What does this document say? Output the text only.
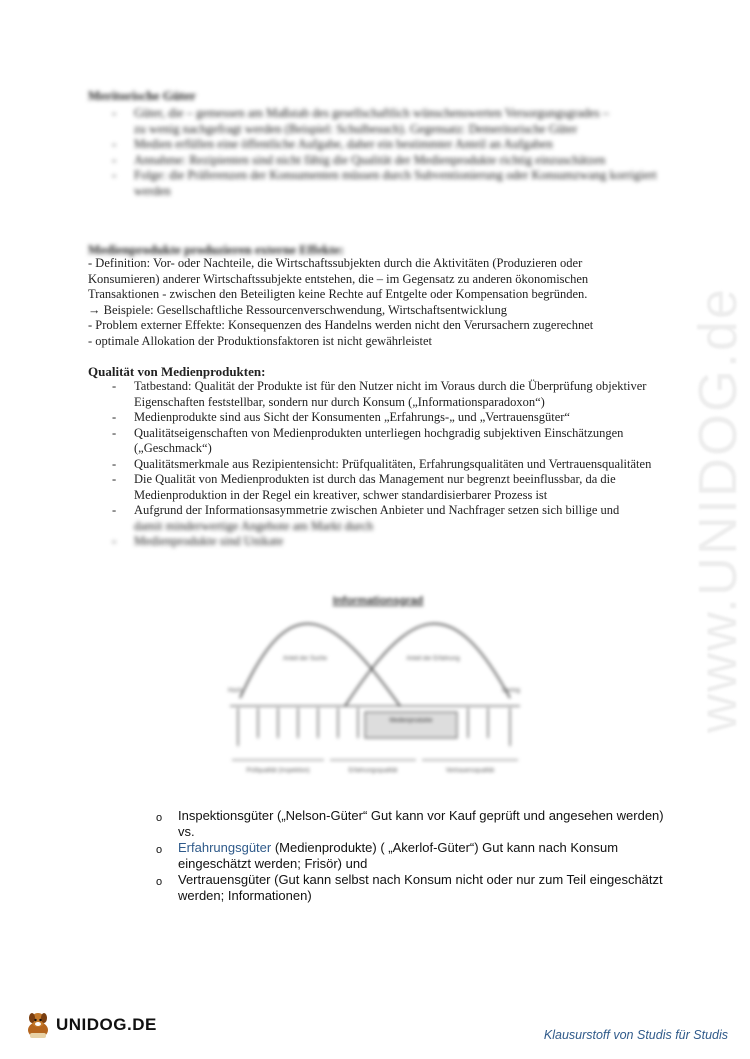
www.UNIDOG.de
Meritorische Güter
-	Güter, die – gemessen am Maßstab des gesellschaftlich wünschenswerten Versorgungsgrades –
zu wenig nachgefragt werden (Beispiel: Schulbesuch). Gegensatz: Demeritorische Güter
-	Medien erfüllen eine öffentliche Aufgabe, daher ein bestimmter Anteil an Aufgaben
-	Annahme: Rezipienten sind nicht fähig die Qualität der Medienprodukte richtig einzuschätzen
-	Folge: die Präferenzen der Konsumenten müssen durch Subventionierung oder Konsumzwang korrigiert werden
Medienprodukte produzieren externe Effekte:

- Definition: Vor- oder Nachteile, die Wirtschaftssubjekten durch die Aktivitäten (Produzieren oder

Konsumieren) anderer Wirtschaftssubjekte entstehen, die – im Gegensatz zu anderen ökonomischen

Transaktionen - zwischen den Beteiligten keine Rechte auf Entgelte oder Kompensation begründen.

→ Beispiele: Gesellschaftliche Ressourcenverschwendung, Wirtschaftsentwicklung

- Problem externer Effekte: Konsequenzen des Handelns werden nicht den Verursachern zugerechnet

- optimale Allokation der Produktionsfaktoren ist nicht gewährleistet

Qualität von Medienprodukten:
-	Tatbestand: Qualität der Produkte ist für den Nutzer nicht im Voraus durch die Überprüfung objektiver Eigenschaften feststellbar, sondern nur durch Konsum („Informationsparadoxon“)
-	Medienprodukte sind aus Sicht der Konsumenten „Erfahrungs-„ und „Vertrauensgüter“
-	Qualitätseigenschaften von Medienprodukten unterliegen hochgradig subjektiven Einschätzungen („Geschmack“)
-	Qualitätsmerkmale aus Rezipientensicht: Prüfqualitäten, Erfahrungsqualitäten und Vertrauensqualitäten
-	Die Qualität von Medienprodukten ist durch das Management nur begrenzt beeinflussbar, da die Medienproduktion in der Regel ein kreativer, schwer standardisierbarer Prozess ist
-	Aufgrund der Informationsasymmetrie zwischen Anbieter und Nachfrager setzen sich billige und
damit minderwertige Angebote am Markt durch
-	Medienprodukte sind Unikate
Informationsgrad
Anteil der Suche	Anteil der Erfahrung
Hoch	Gering
Medienprodukte
Prüfqualität (Inspektion)	Erfahrungsqualität	Vertrauensqualität
o	Inspektionsgüter („Nelson-Güter“ Gut kann vor Kauf geprüft und angesehen werden) vs.
o	Erfahrungsgüter (Medienprodukte) ( „Akerlof-Güter“) Gut kann nach Konsum eingeschätzt werden; Frisör) und
o	Vertrauensgüter (Gut kann selbst nach Konsum nicht oder nur zum Teil eingeschätzt werden; Informationen)
UNIDOG.DE
Klausurstoff von Studis für Studis
